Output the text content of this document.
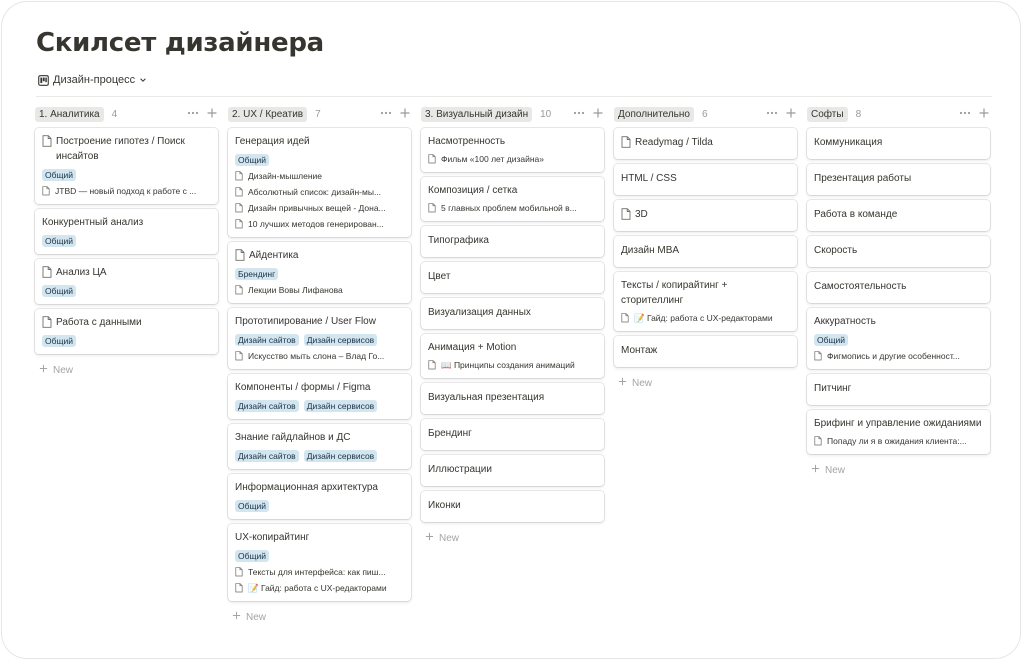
Скилсет дизайнера
Дизайн-процесс
1. Аналитика	4
Построение гипотез / Поиск инсайтов
Общий
JTBD — новый подход к работе с ...
Конкурентный анализ
Общий
Анализ ЦА
Общий
Работа с данными
Общий
New
2. UX / Креатив	7
Генерация идей
Общий
Дизайн-мышление
Абсолютный список: дизайн-мы...
Дизайн привычных вещей - Дона...
10 лучших методов генерирован...
Айдентика
Брендинг
Лекции Вовы Лифанова
Прототипирование / User Flow
Дизайн сайтов	Дизайн сервисов
Искусство мыть слона – Влад Го...
Компоненты / формы / Figma
Дизайн сайтов	Дизайн сервисов
Знание гайдлайнов и ДС
Дизайн сайтов	Дизайн сервисов
Информационная архитектура
Общий
UX-копирайтинг
Общий
Тексты для интерфейса: как пиш...
📝 Гайд: работа с UX-редакторами
New
3. Визуальный дизайн	10
Насмотренность
Фильм «100 лет дизайна»
Композиция / сетка
5 главных проблем мобильной в...
Типографика
Цвет
Визуализация данных
Анимация + Motion
📖 Принципы создания анимаций
Визуальная презентация
Брендинг
Иллюстрации
Иконки
New
Дополнительно	6
Readymag / Tilda
HTML / CSS
3D
Дизайн MBA
Тексты / копирайтинг + сторителлинг
📝 Гайд: работа с UX-редакторами
Монтаж
New
Софты	8
Коммуникация
Презентация работы
Работа в команде
Скорость
Самостоятельность
Аккуратность
Общий
Фигмопись и другие особенност...
Питчинг
Брифинг и управление ожиданиями
Попаду ли я в ожидания клиента:...
New
